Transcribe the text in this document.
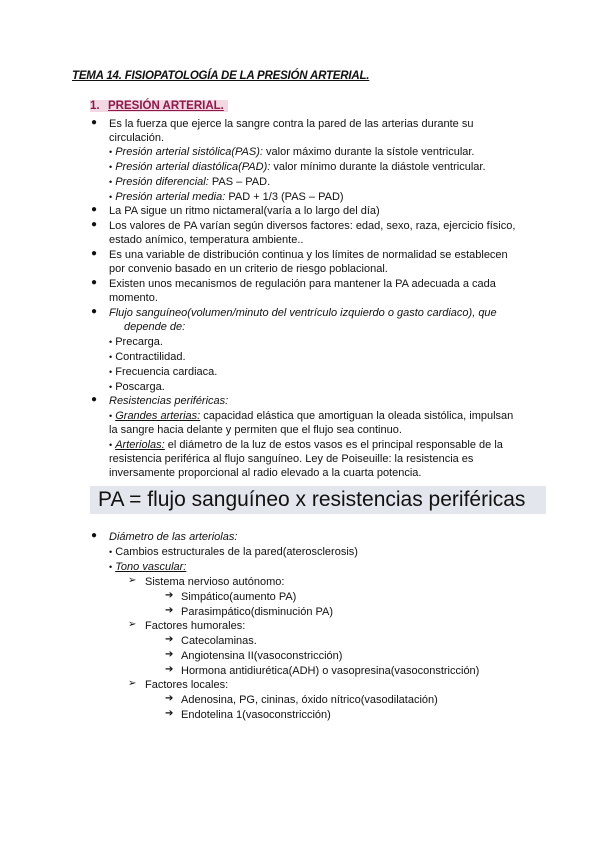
TEMA 14. FISIOPATOLOGÍA DE LA PRESIÓN ARTERIAL.
1. PRESIÓN ARTERIAL.
● Es la fuerza que ejerce la sangre contra la pared de las arterias durante su
circulación.
• Presión arterial sistólica(PAS): valor máximo durante la sístole ventricular.
• Presión arterial diastólica(PAD): valor mínimo durante la diástole ventricular.
• Presión diferencial: PAS – PAD.
• Presión arterial media: PAD + 1/3 (PAS – PAD)
● La PA sigue un ritmo nictameral(varía a lo largo del día)
● Los valores de PA varían según diversos factores: edad, sexo, raza, ejercicio físico,
estado anímico, temperatura ambiente..
● Es una variable de distribución continua y los límites de normalidad se establecen
por convenio basado en un criterio de riesgo poblacional.
● Existen unos mecanismos de regulación para mantener la PA adecuada a cada
momento.
● Flujo sanguíneo(volumen/minuto del ventrículo izquierdo o gasto cardiaco), que
depende de:
• Precarga.
• Contractilidad.
• Frecuencia cardiaca.
• Poscarga.
● Resistencias periféricas:
• Grandes arterias: capacidad elástica que amortiguan la oleada sistólica, impulsan
la sangre hacia delante y permiten que el flujo sea continuo.
• Arteriolas: el diámetro de la luz de estos vasos es el principal responsable de la
resistencia periférica al flujo sanguíneo. Ley de Poiseuille: la resistencia es
inversamente proporcional al radio elevado a la cuarta potencia.
PA = flujo sanguíneo x resistencias periféricas
● Diámetro de las arteriolas:
• Cambios estructurales de la pared(aterosclerosis)
• Tono vascular:
➢ Sistema nervioso autónomo:
➔ Simpático(aumento PA)
➔ Parasimpático(disminución PA)
➢ Factores humorales:
➔ Catecolaminas.
➔ Angiotensina II(vasoconstricción)
➔ Hormona antidiurética(ADH) o vasopresina(vasoconstricción)
➢ Factores locales:
➔ Adenosina, PG, cininas, óxido nítrico(vasodilatación)
➔ Endotelina 1(vasoconstricción)
